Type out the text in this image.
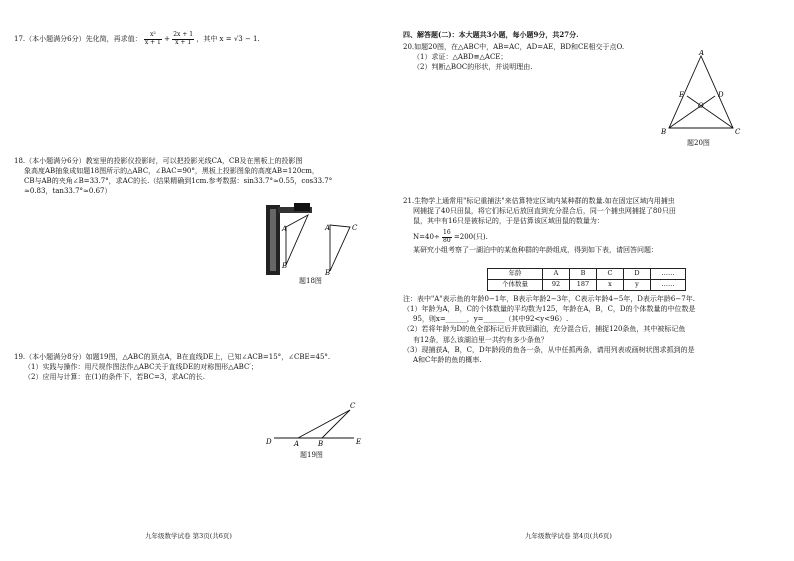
17.（本小题满分6分）先化简，再求值： $\frac{\text{x²}}{x + 1} + \frac{2x + 1}{x + 1}$ ，其中 x = √3 − 1.
18.（本小题满分6分）教室里的投影仪投影时，可以把投影光线CA，CB及在黑板上的投影图
象高度AB抽象成如题18图所示的△ABC，∠BAC=90°，黑板上投影图象的高度AB=120cm，
CB与AB的夹角∠B=33.7°，求AC的长.（结果精确到1cm.参考数据：sin33.7°≈0.55，cos33.7°
≈0.83，tan33.7°≈0.67）
A
B
A
B
C
题18图
19.（本小题满分8分）如题19图，△ABC的顶点A，B在直线DE上，已知∠ACB=15°，∠CBE=45°.
（1）实践与操作：用尺规作图法作△ABC关于直线DE的对称图形△ABC′；
（2）应用与计算：在(1)的条件下，若BC=3，求AC的长.
D	A	B	E
C
题19图
九年级数学试卷 第3页(共6页)
四、解答题(二)：本大题共3小题，每小题9分，共27分.
20.如题20图，在△ABC中，AB=AC，AD=AE，BD和CE相交于点O.
（1）求证：△ABD≌△ACE；
（2）判断△BOC的形状，并说明理由.
A
B	C
D
E
O
题20图
21.生物学上通常用"标记重捕法"来估算特定区域内某种群的数量.如在固定区域内用捕虫
网捕捉了40只田鼠，将它们标记后放回直到充分混合后，同一个捕虫网捕捉了80只田
鼠，其中有16只是被标记的，于是估算该区域田鼠的数量为：
$N=40\div \frac{16}{80} =200$(只).
某研究小组考察了一湖泊中的某鱼种群的年龄组成，得到如下表，请回答问题：
年龄	A	B	C	D	……
个体数量	92	187	x	y	……
注：表中"A"表示鱼的年龄0−1年，B表示年龄2−3年，C表示年龄4−5年，D表示年龄6−7年.
（1）年龄为A，B，C的个体数量的平均数为125，年龄在A，B，C，D的个体数量的中位数是
95，则x=______，y=______（其中92<y<96）.
（2）若将年龄为D的鱼全部标记后并放回湖泊，充分混合后，捕捉120条鱼，其中被标记鱼
有12条，那么该湖泊里一共约有多少条鱼？
（3）现捕获A，B，C，D年龄段的鱼各一条，从中任抓两条，请用列表或画树状图求抓到的是
A和C年龄的鱼的概率.
九年级数学试卷 第4页(共6页)
